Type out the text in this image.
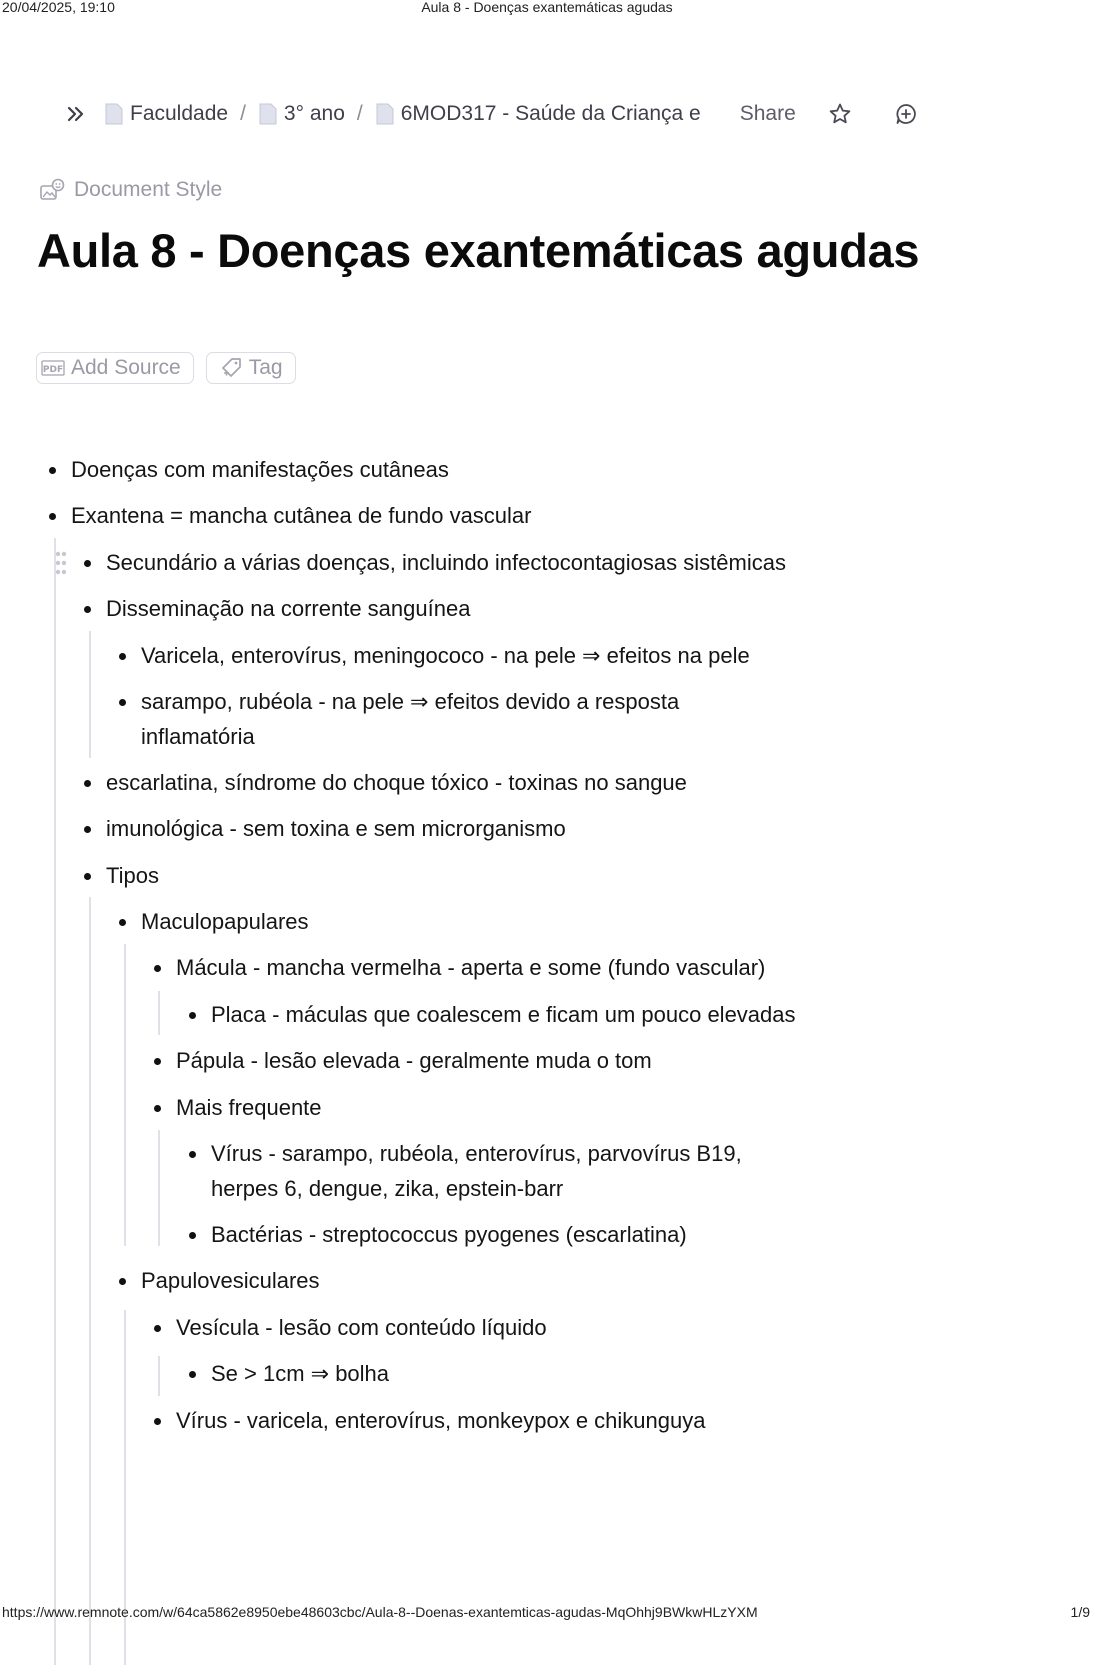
20/04/2025, 19:10	Aula 8 - Doenças exantemáticas agudas
Faculdade / 3° ano / 6MOD317 - Saúde da Criança e Share
Document Style
Aula 8 - Doenças exantemáticas agudas
PDF Add Source	Tag
Doenças com manifestações cutâneas
Exantena = mancha cutânea de fundo vascular
Secundário a várias doenças, incluindo infectocontagiosas sistêmicas
Disseminação na corrente sanguínea
Varicela, enterovírus, meningococo - na pele ⇒ efeitos na pele
sarampo, rubéola - na pele ⇒ efeitos devido a resposta
inflamatória
escarlatina, síndrome do choque tóxico - toxinas no sangue
imunológica - sem toxina e sem microrganismo
Tipos
Maculopapulares
Mácula - mancha vermelha - aperta e some (fundo vascular)
Placa - máculas que coalescem e ficam um pouco elevadas
Pápula - lesão elevada - geralmente muda o tom
Mais frequente
Vírus - sarampo, rubéola, enterovírus, parvovírus B19,
herpes 6, dengue, zika, epstein-barr
Bactérias - streptococcus pyogenes (escarlatina)
Papulovesiculares
Vesícula - lesão com conteúdo líquido
Se > 1cm ⇒ bolha
Vírus - varicela, enterovírus, monkeypox e chikunguya
https://www.remnote.com/w/64ca5862e8950ebe48603cbc/Aula-8--Doenas-exantemticas-agudas-MqOhhj9BWkwHLzYXM	1/9
